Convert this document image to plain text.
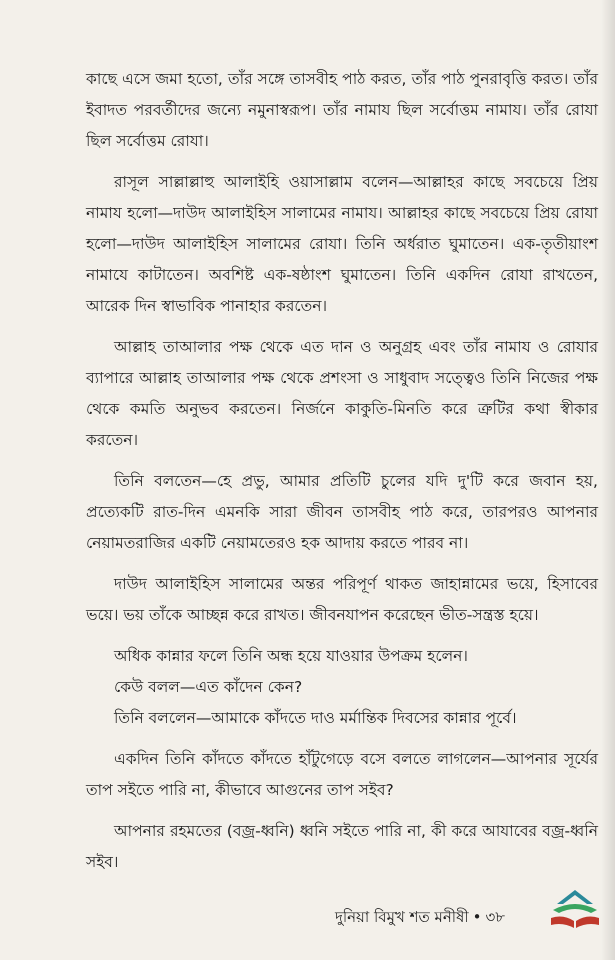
কাছে এসে জমা হতো, তাঁর সঙ্গে তাসবীহ পাঠ করত, তাঁর পাঠ পুনরাবৃত্তি করত। তাঁর ইবাদত পরবর্তীদের জন্যে নমুনাস্বরূপ। তাঁর নামায ছিল সর্বোত্তম নামায। তাঁর রোযা ছিল সর্বোত্তম রোযা।

রাসূল সাল্লাল্লাহু আলাইহি ওয়াসাল্লাম বলেন—আল্লাহর কাছে সবচেয়ে প্রিয় নামায হলো—দাউদ আলাইহিস সালামের নামায। আল্লাহর কাছে সবচেয়ে প্রিয় রোযা হলো—দাউদ আলাইহিস সালামের রোযা। তিনি অর্ধরাত ঘুমাতেন। এক-তৃতীয়াংশ নামাযে কাটাতেন। অবশিষ্ট এক-ষষ্ঠাংশ ঘুমাতেন। তিনি একদিন রোযা রাখতেন, আরেক দিন স্বাভাবিক পানাহার করতেন।

আল্লাহ তাআলার পক্ষ থেকে এত দান ও অনুগ্রহ এবং তাঁর নামায ও রোযার ব্যাপারে আল্লাহ তাআলার পক্ষ থেকে প্রশংসা ও সাধুবাদ সত্ত্বেও তিনি নিজের পক্ষ থেকে কমতি অনুভব করতেন। নির্জনে কাকুতি-মিনতি করে ত্রুটির কথা স্বীকার করতেন।

তিনি বলতেন—হে প্রভু, আমার প্রতিটি চুলের যদি দু'টি করে জবান হয়, প্রত্যেকটি রাত-দিন এমনকি সারা জীবন তাসবীহ পাঠ করে, তারপরও আপনার নেয়ামতরাজির একটি নেয়ামতেরও হক আদায় করতে পারব না।

দাউদ আলাইহিস সালামের অন্তর পরিপূর্ণ থাকত জাহান্নামের ভয়ে, হিসাবের ভয়ে। ভয় তাঁকে আচ্ছন্ন করে রাখত। জীবনযাপন করেছেন ভীত-সন্ত্রস্ত হয়ে।

অধিক কান্নার ফলে তিনি অন্ধ হয়ে যাওয়ার উপক্রম হলেন।

কেউ বলল—এত কাঁদেন কেন?

তিনি বললেন—আমাকে কাঁদতে দাও মর্মান্তিক দিবসের কান্নার পূর্বে।

একদিন তিনি কাঁদতে কাঁদতে হাঁটুগেড়ে বসে বলতে লাগলেন—আপনার সূর্যের তাপ সইতে পারি না, কীভাবে আগুনের তাপ সইব?

আপনার রহমতের (বজ্র-ধ্বনি) ধ্বনি সইতে পারি না, কী করে আযাবের বজ্র-ধ্বনি সইব।

দুনিয়া বিমুখ শত মনীষী • ৩৮
